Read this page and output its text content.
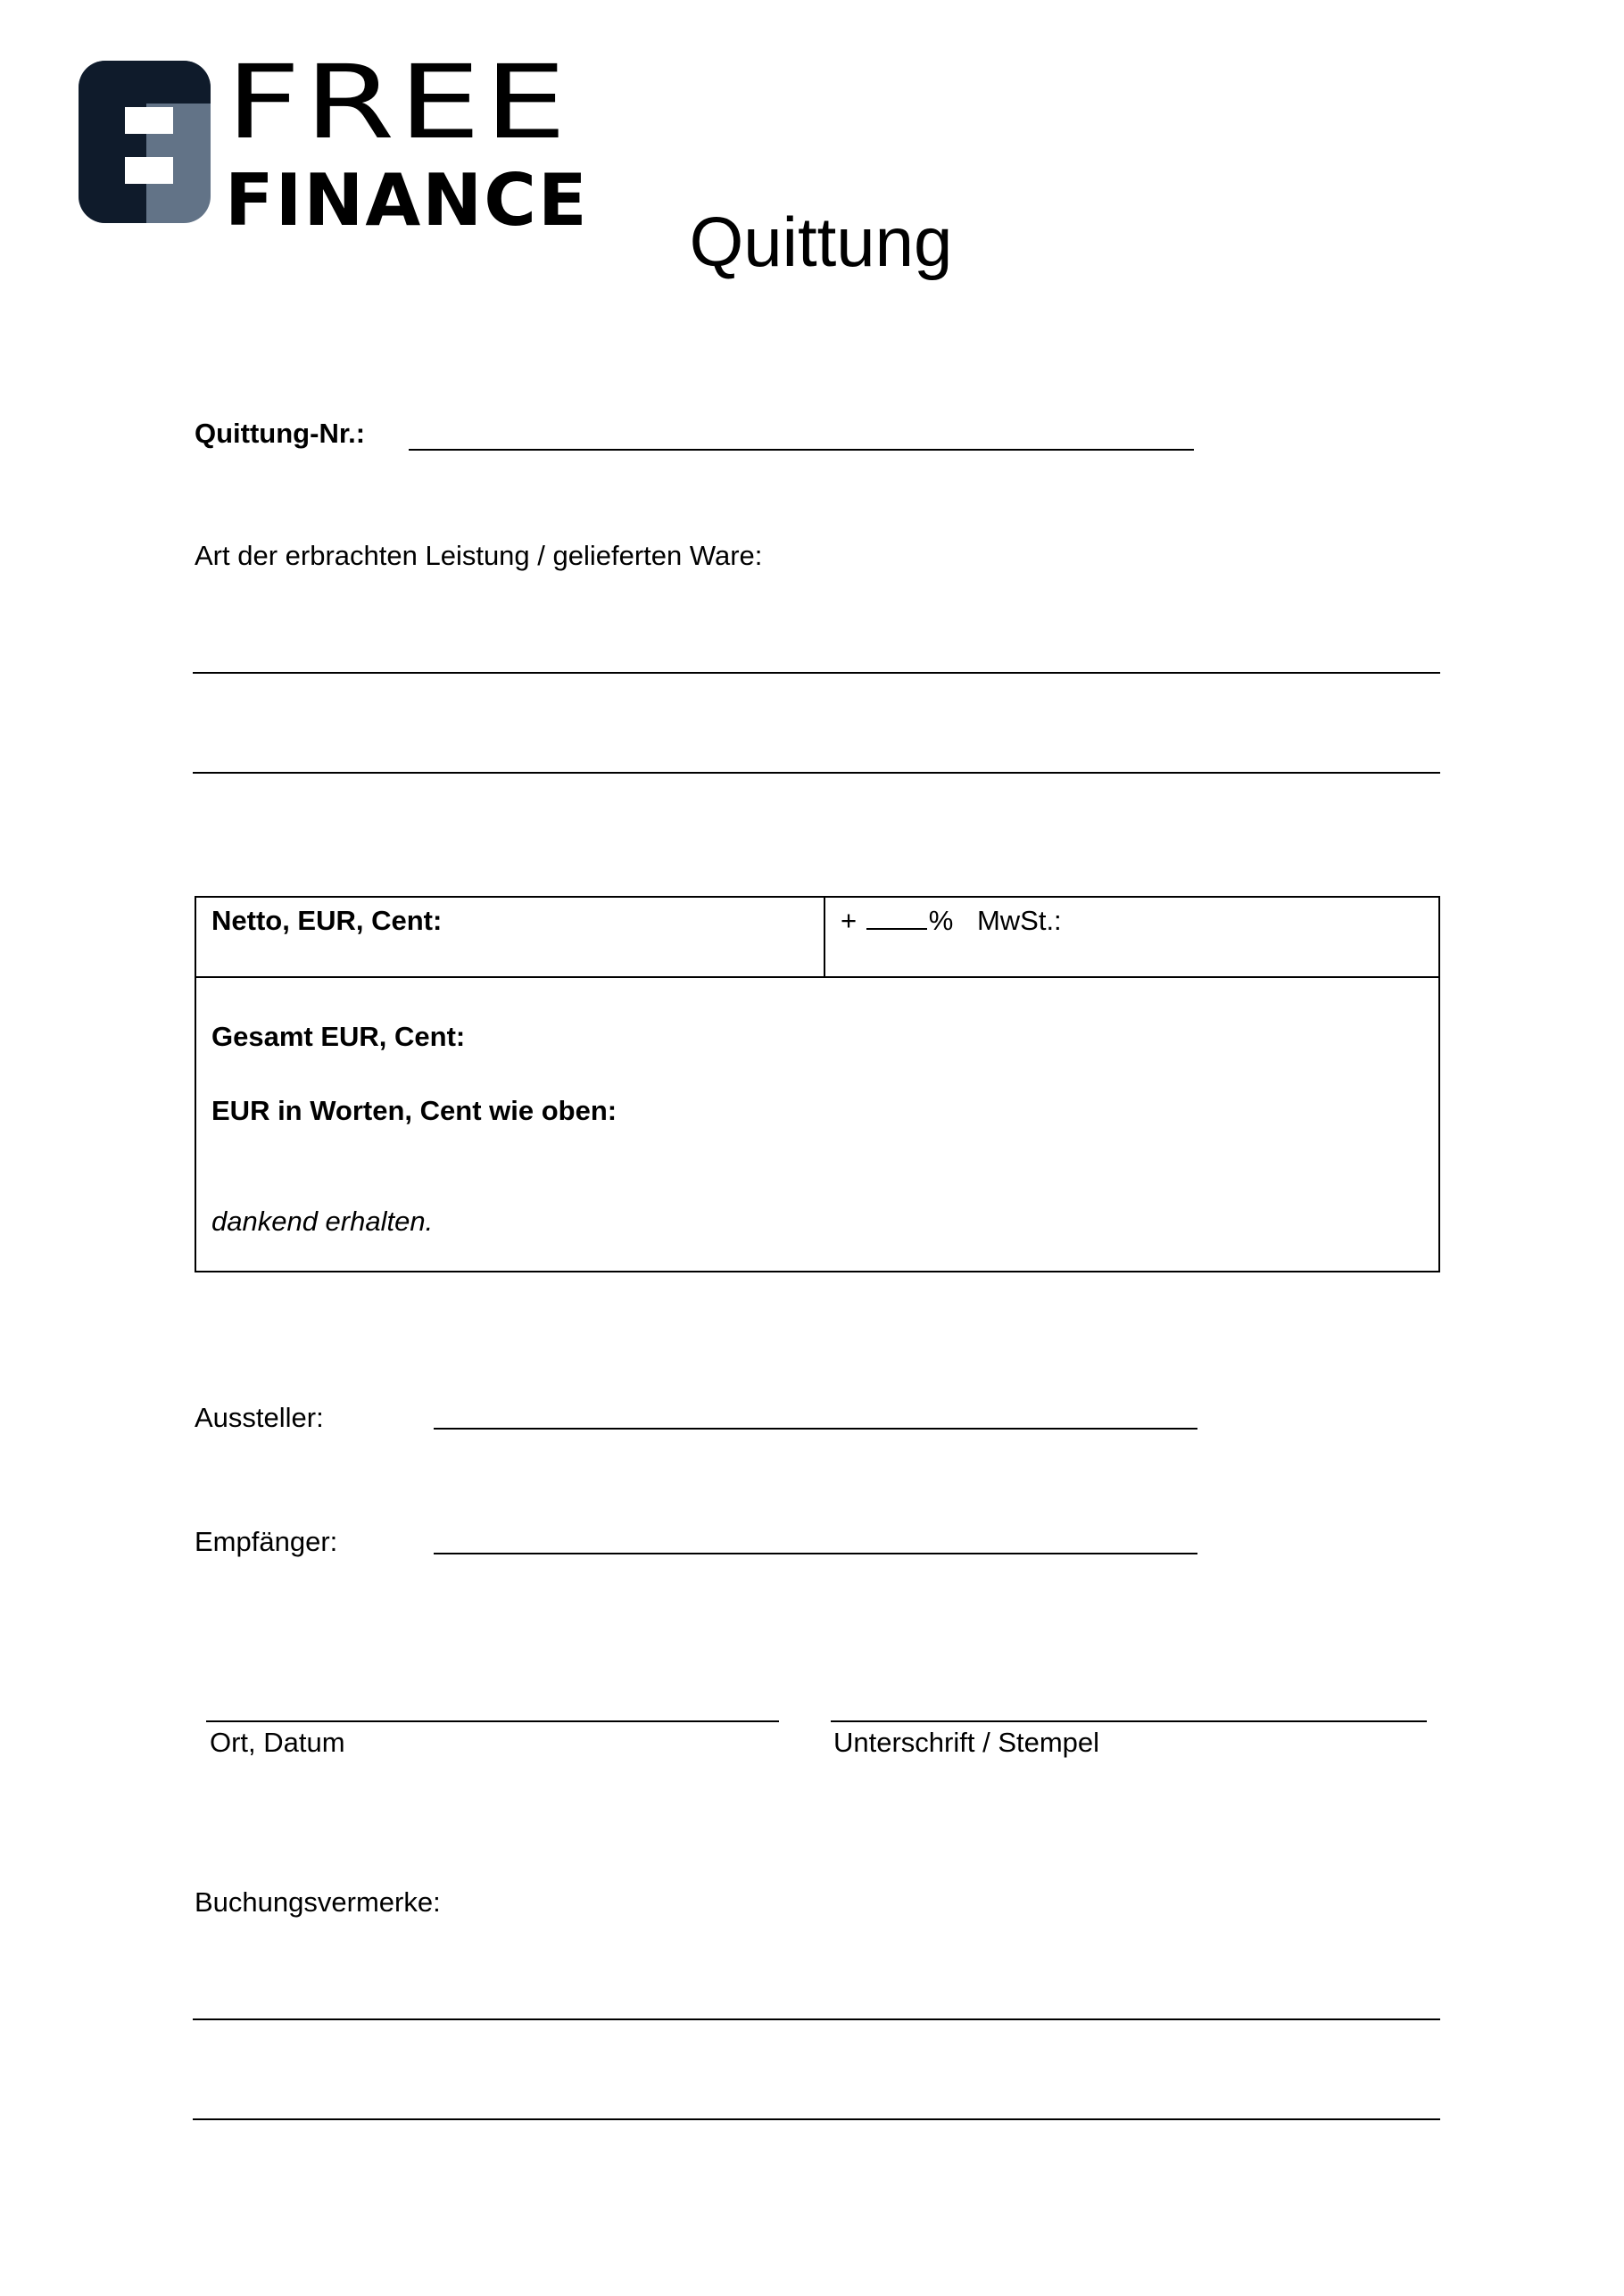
FREE
FINANCE	Quittung
Quittung-Nr.:
Art der erbrachten Leistung / gelieferten Ware:
Netto, EUR, Cent:	+	% MwSt.:
Gesamt EUR, Cent:
EUR in Worten, Cent wie oben:
dankend erhalten.
Aussteller:
Empfänger:
Ort, Datum	Unterschrift / Stempel
Buchungsvermerke:
